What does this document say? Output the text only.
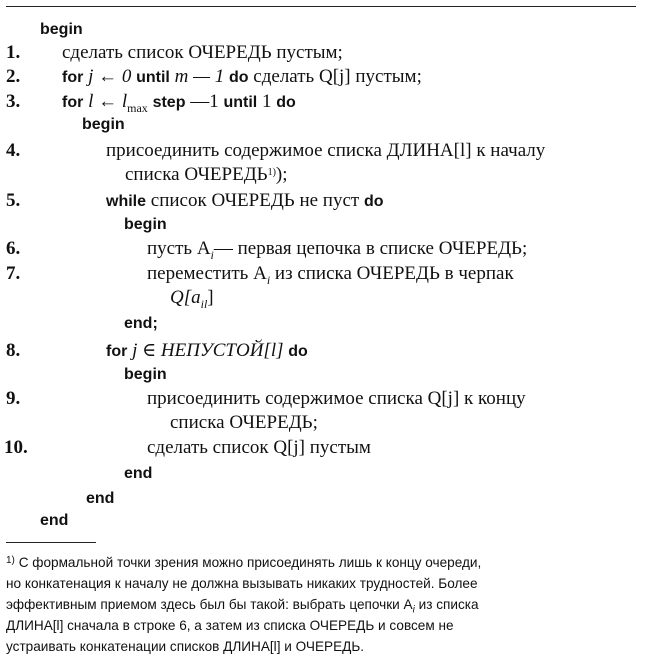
begin
1. сделать список ОЧЕРЕДЬ пустым;
2.	for j ← 0 until m — 1 do сделать Q[j] пустым;
3.	for l ← $l_{max}$ step —1 until 1 do
begin
4.	присоединить содержимое списка ДЛИНА[l] к началу
списка ОЧЕРЕДЬ$^{1)}$);
5.	while список ОЧЕРЕДЬ не пуст do
begin
6.	пусть $A_i—$ первая цепочка в списке ОЧЕРЕДЬ;
7.	переместить $A_i$ из списка ОЧЕРЕДЬ в черпак
$Q[a_{il}]$
end;
8.	for j ∈ НЕПУСТОЙ[l] do
begin
9.	присоединить содержимое списка Q[j] к концу
списка ОЧЕРЕДЬ;
10.	сделать список Q[j] пустым
end
end
end
$^{1)}$ С формальной точки зрения можно присоединять лишь к концу очереди,
но конкатенация к началу не должна вызывать никаких трудностей. Более
эффективным приемом здесь был бы такой: выбрать цепочки $A_i$ из списка
ДЛИНА[l] сначала в строке 6, а затем из списка ОЧЕРЕДЬ и совсем не
устраивать конкатенации списков ДЛИНА[l] и ОЧЕРЕДЬ.
